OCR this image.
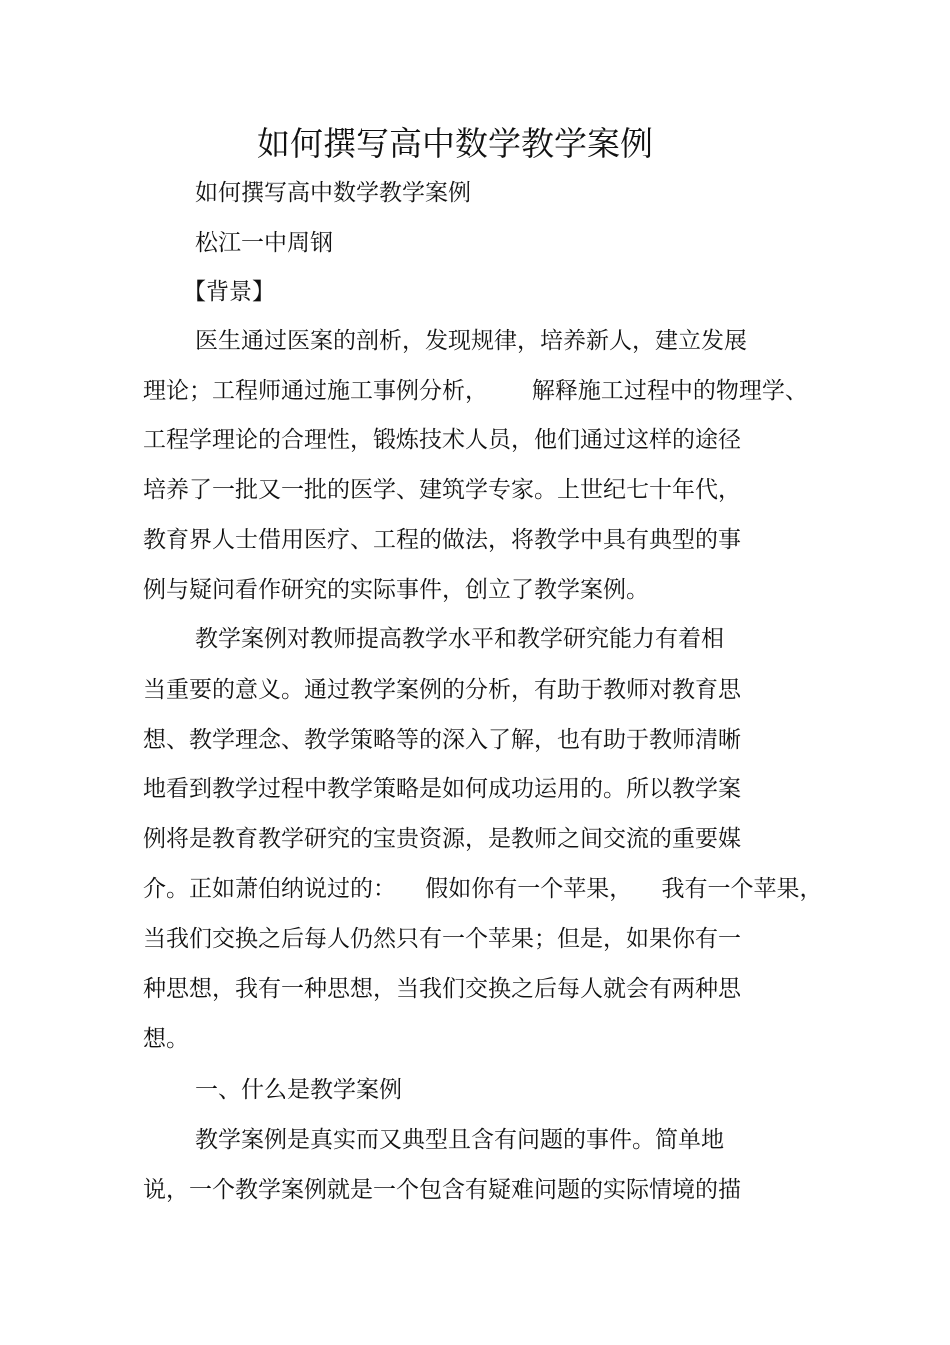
如何撰写高中数学教学案例
如何撰写高中数学教学案例
松江一中周钢
【背景】
医生通过医案的剖析，发现规律，培养新人，建立发展
理论；工程师通过施工事例分析，      解释施工过程中的物理学、
工程学理论的合理性，锻炼技术人员，他们通过这样的途径
培养了一批又一批的医学、建筑学专家。上世纪七十年代，
教育界人士借用医疗、工程的做法，将教学中具有典型的事
例与疑问看作研究的实际事件，创立了教学案例。
教学案例对教师提高教学水平和教学研究能力有着相
当重要的意义。通过教学案例的分析，有助于教师对教育思
想、教学理念、教学策略等的深入了解，也有助于教师清晰
地看到教学过程中教学策略是如何成功运用的。所以教学案
例将是教育教学研究的宝贵资源，是教师之间交流的重要媒
介。正如萧伯纳说过的：    假如你有一个苹果，    我有一个苹果，
当我们交换之后每人仍然只有一个苹果；但是，如果你有一
种思想，我有一种思想，当我们交换之后每人就会有两种思
想。
一、什么是教学案例
教学案例是真实而又典型且含有问题的事件。简单地
说，一个教学案例就是一个包含有疑难问题的实际情境的描
